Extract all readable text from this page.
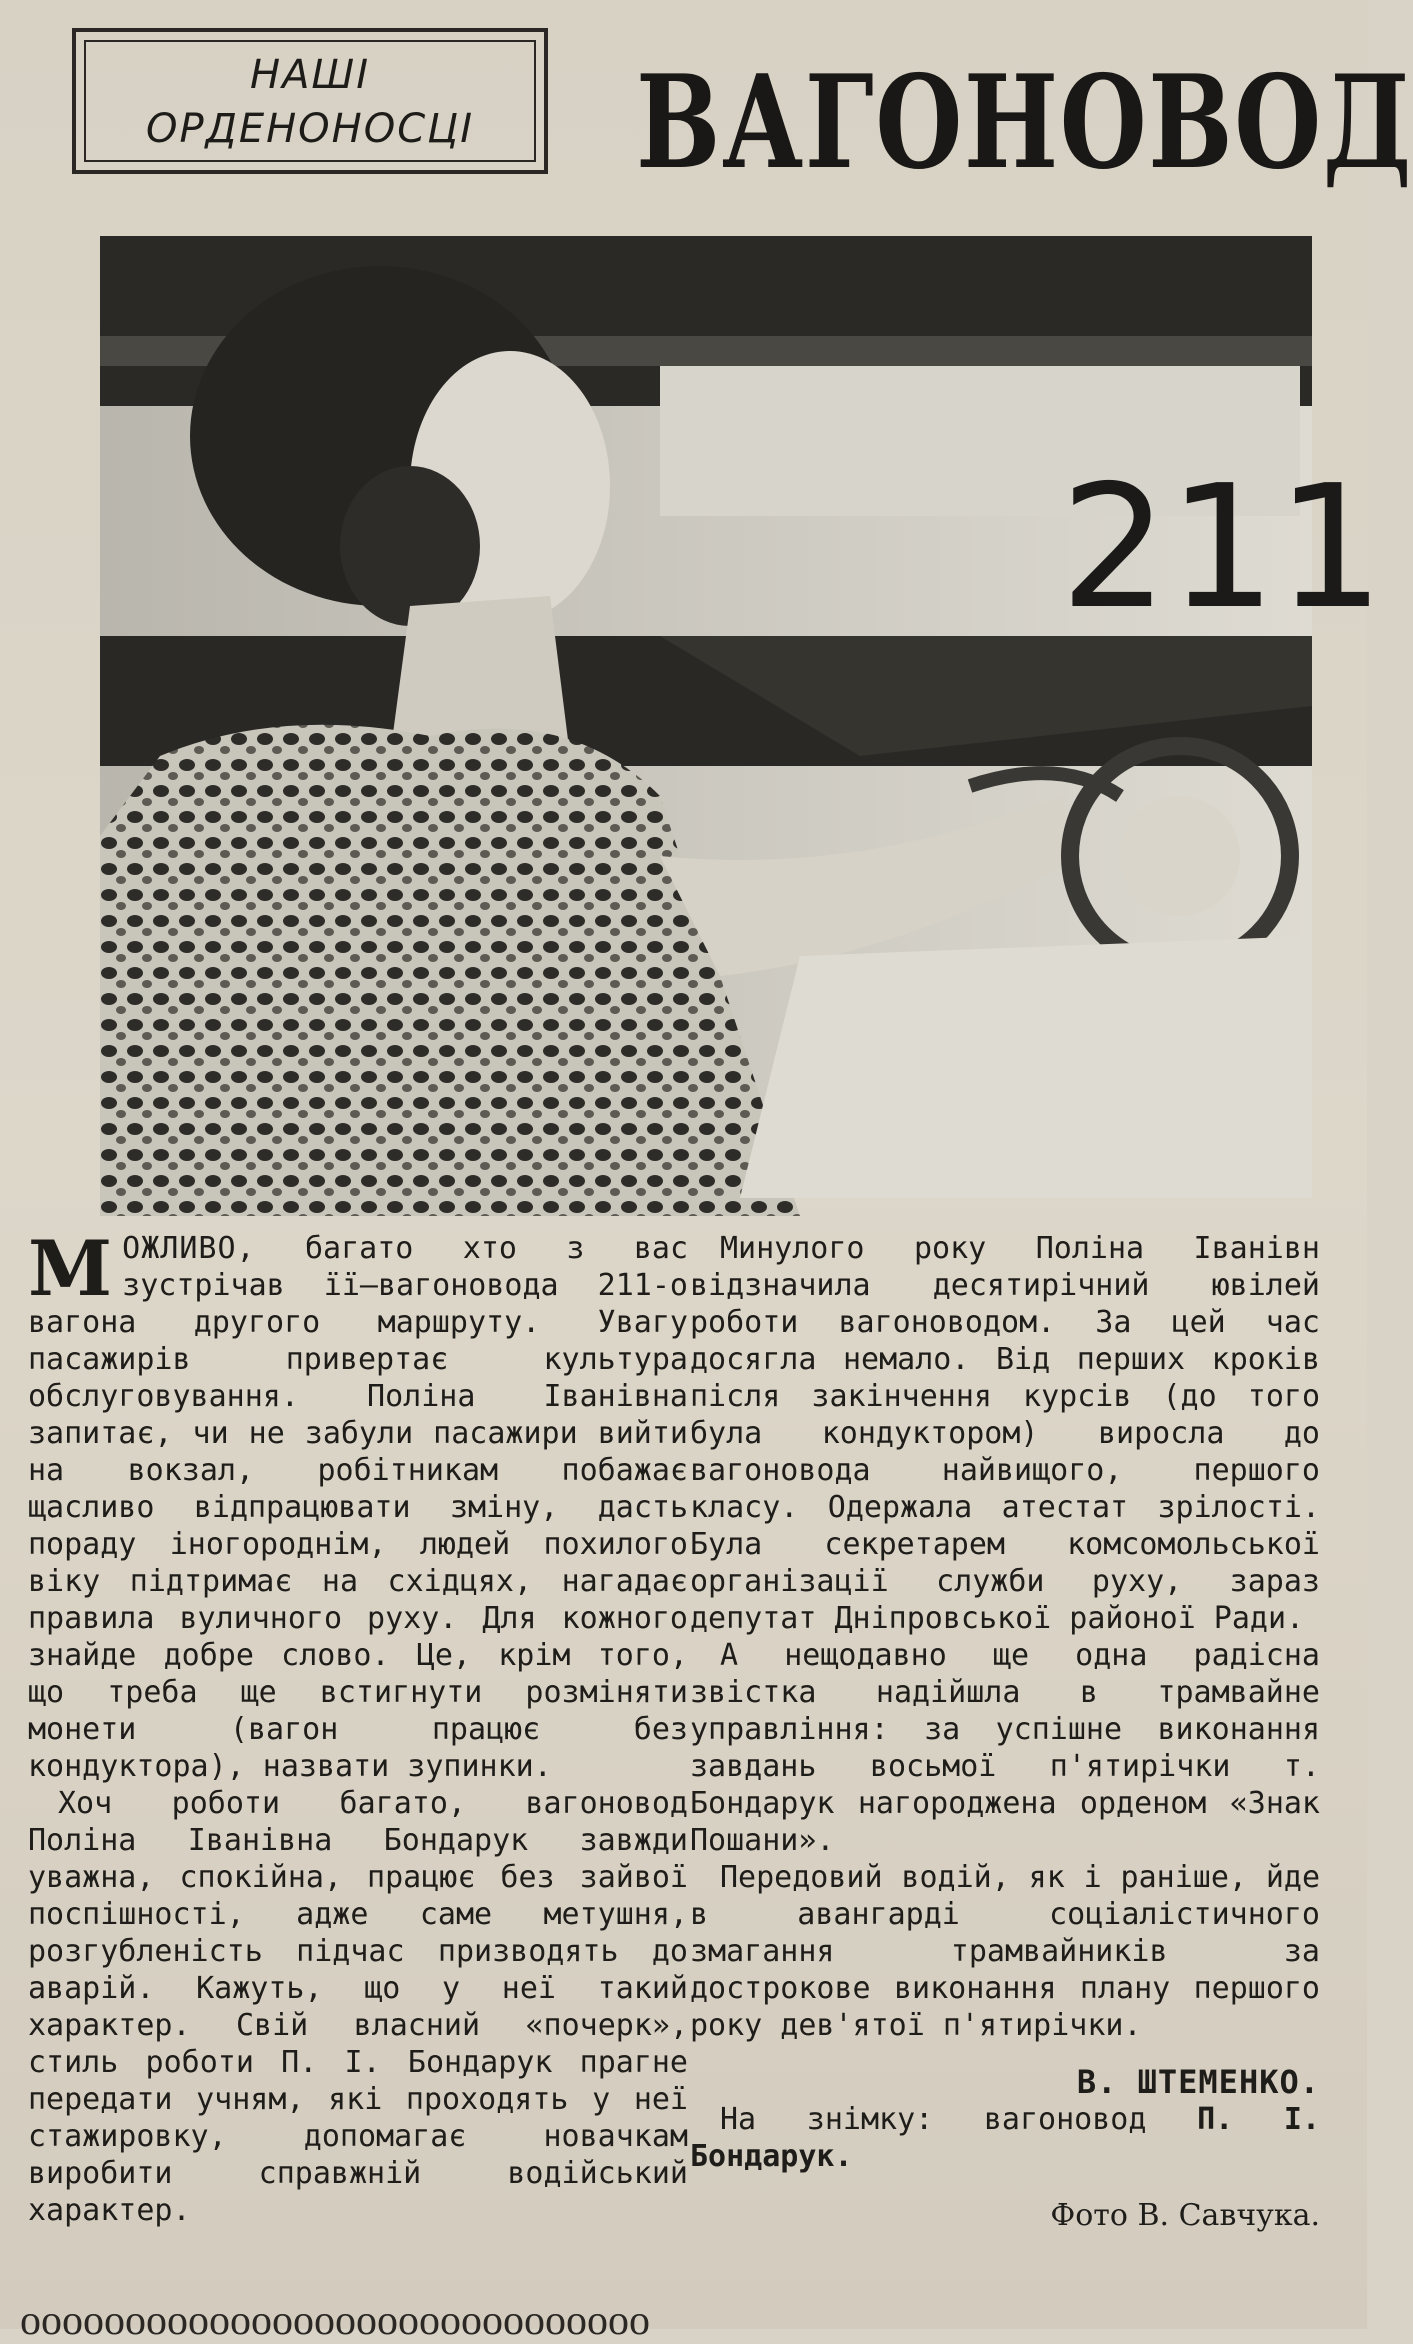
НАШІ
ОРДЕНОНОСЦІ	ВАГОНОВОД
211

МОЖЛИВО, багато хто з вас зустрічав її—вагоновода 211-о вагона другого маршруту. Увагу пасажирів привертає культура обслуговування. Поліна Іванівна запитає, чи не забули пасажири вийти на вокзал, робітникам побажає щасливо відпрацювати зміну, дасть пораду іногороднім, людей похилого віку підтримає на східцях, нагадає правила вуличного руху. Для кожного знайде добре слово. Це, крім того, що треба ще встигнути розміняти монети (вагон працює без кондуктора), назвати зупинки.

Хоч роботи багато, вагоновод Поліна Іванівна Бондарук завжди уважна, спокійна, працює без зайвої поспішності, адже саме метушня, розгубленість підчас призводять до аварій. Кажуть, що у неї такий характер. Свій власний «почерк», стиль роботи П. І. Бондарук прагне передати учням, які проходять у неї стажировку, допомагає новачкам виробити справжній водійський характер.

Минулого року Поліна Іванівн відзначила десятирічний ювілей роботи вагоноводом. За цей час досягла немало. Від перших кроків після закінчення курсів (до того була кондуктором) виросла до вагоновода найвищого, першого класу. Одержала атестат зрілості. Була секретарем комсомольської організації служби руху, зараз депутат Дніпровської районої Ради.

А нещодавно ще одна радісна звістка надійшла в трамвайне управління: за успішне виконання завдань восьмої п'ятирічки т. Бондарук нагороджена орденом «Знак Пошани».

Передовий водій, як і раніше, йде в авангарді соціалістичного змагання трамвайників за дострокове виконання плану першого року дев'ятої п'ятирічки.

В. ШТЕМЕНКО.

На знімку: вагоновод П. І. Бондарук.

Фото В. Савчука.
ᴏᴏᴏᴏᴏᴏᴏᴏᴏᴏᴏᴏᴏᴏᴏᴏᴏᴏᴏᴏᴏᴏᴏᴏᴏᴏᴏᴏᴏᴏ
